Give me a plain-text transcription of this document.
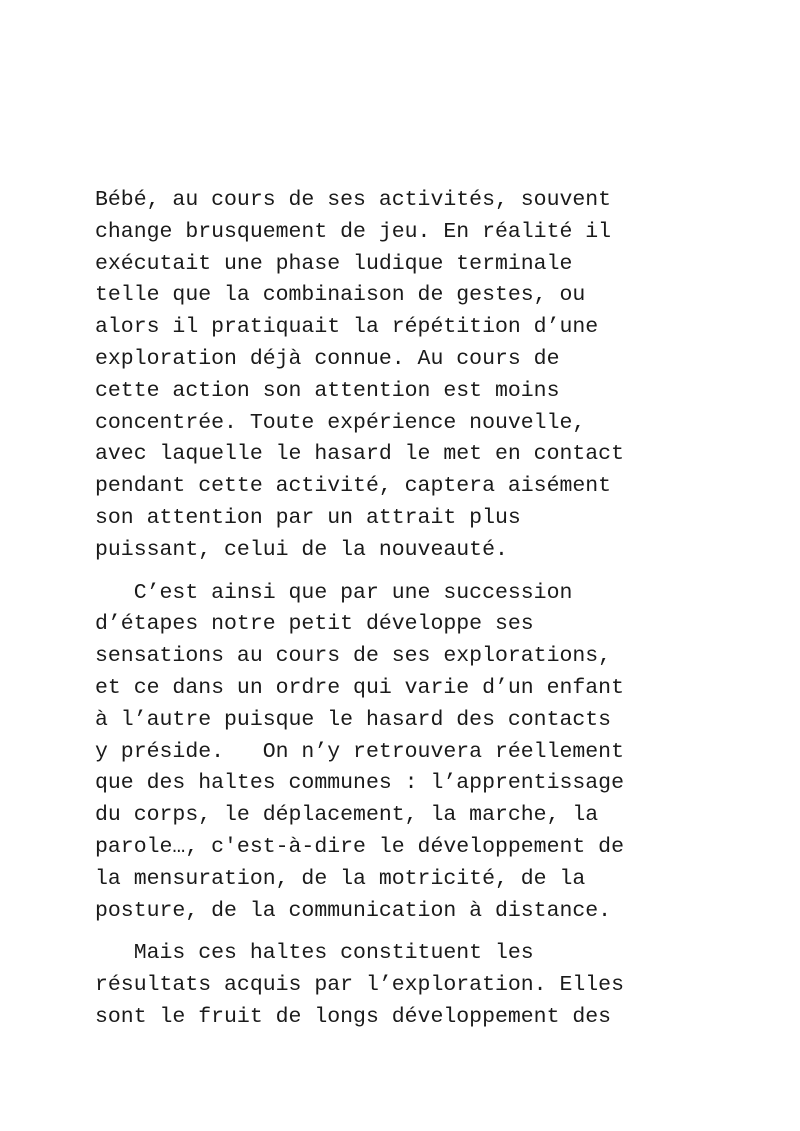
Bébé, au cours de ses activités, souvent
change brusquement de jeu. En réalité il
exécutait une phase ludique terminale
telle que la combinaison de gestes, ou
alors il pratiquait la répétition d’une
exploration déjà connue. Au cours de
cette action son attention est moins
concentrée. Toute expérience nouvelle,
avec laquelle le hasard le met en contact
pendant cette activité, captera aisément
son attention par un attrait plus
puissant, celui de la nouveauté.

C’est ainsi que par une succession
d’étapes notre petit développe ses
sensations au cours de ses explorations,
et ce dans un ordre qui varie d’un enfant
à l’autre puisque le hasard des contacts
y préside.   On n’y retrouvera réellement
que des haltes communes : l’apprentissage
du corps, le déplacement, la marche, la
parole…, c'est-à-dire le développement de
la mensuration, de la motricité, de la
posture, de la communication à distance.

Mais ces haltes constituent les
résultats acquis par l’exploration. Elles
sont le fruit de longs développement des
